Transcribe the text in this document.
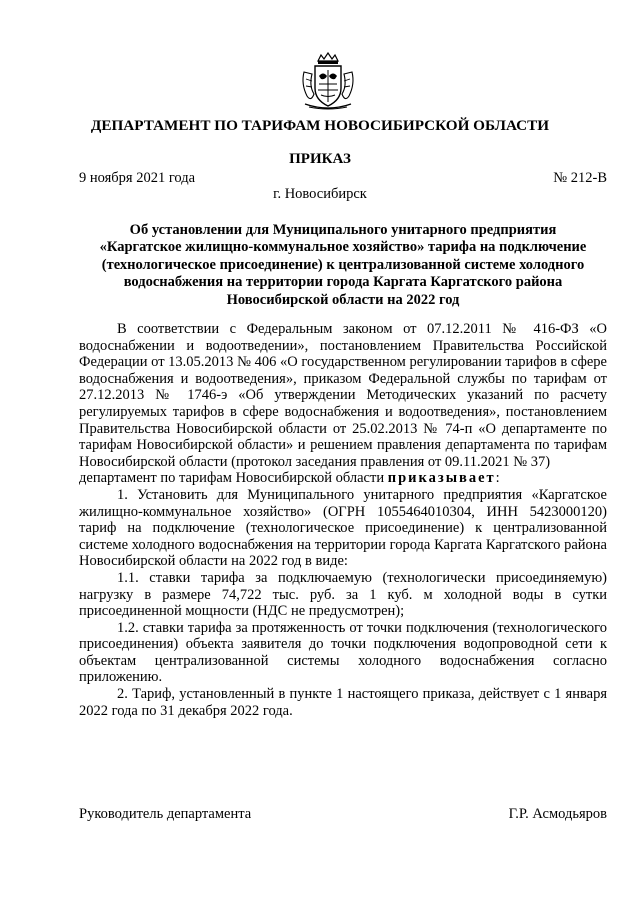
ДЕПАРТАМЕНТ ПО ТАРИФАМ НОВОСИБИРСКОЙ ОБЛАСТИ
ПРИКАЗ
9 ноября 2021 года	№ 212-В
г. Новосибирск
Об установлении для Муниципального унитарного предприятия
«Каргатское жилищно-коммунальное хозяйство» тарифа на подключение
(технологическое присоединение) к централизованной системе холодного
водоснабжения на территории города Каргата Каргатского района
Новосибирской области на 2022 год

В соответствии с Федеральным законом от 07.12.2011 № 416-ФЗ «О водоснабжении и водоотведении», постановлением Правительства Российской Федерации от 13.05.2013 № 406 «О государственном регулировании тарифов в сфере водоснабжения и водоотведения», приказом Федеральной службы по тарифам от 27.12.2013 № 1746-э «Об утверждении Методических указаний по расчету регулируемых тарифов в сфере водоснабжения и водоотведения», постановлением Правительства Новосибирской области от 25.02.2013 № 74-п «О департаменте по тарифам Новосибирской области» и решением правления департамента по тарифам Новосибирской области (протокол заседания правления от 09.11.2021 № 37)

департамент по тарифам Новосибирской области приказывает:

1. Установить для Муниципального унитарного предприятия «Каргатское жилищно-коммунальное хозяйство» (ОГРН 1055464010304, ИНН 5423000120) тариф на подключение (технологическое присоединение) к централизованной системе холодного водоснабжения на территории города Каргата Каргатского района Новосибирской области на 2022 год в виде:

1.1. ставки тарифа за подключаемую (технологически присоединяемую) нагрузку в размере 74,722 тыс. руб. за 1 куб. м холодной воды в сутки присоединенной мощности (НДС не предусмотрен);

1.2. ставки тарифа за протяженность от точки подключения (технологического присоединения) объекта заявителя до точки подключения водопроводной сети к объектам централизованной системы холодного водоснабжения согласно приложению.

2. Тариф, установленный в пункте 1 настоящего приказа, действует с 1 января 2022 года по 31 декабря 2022 года.

Руководитель департамента	Г.Р. Асмодьяров
